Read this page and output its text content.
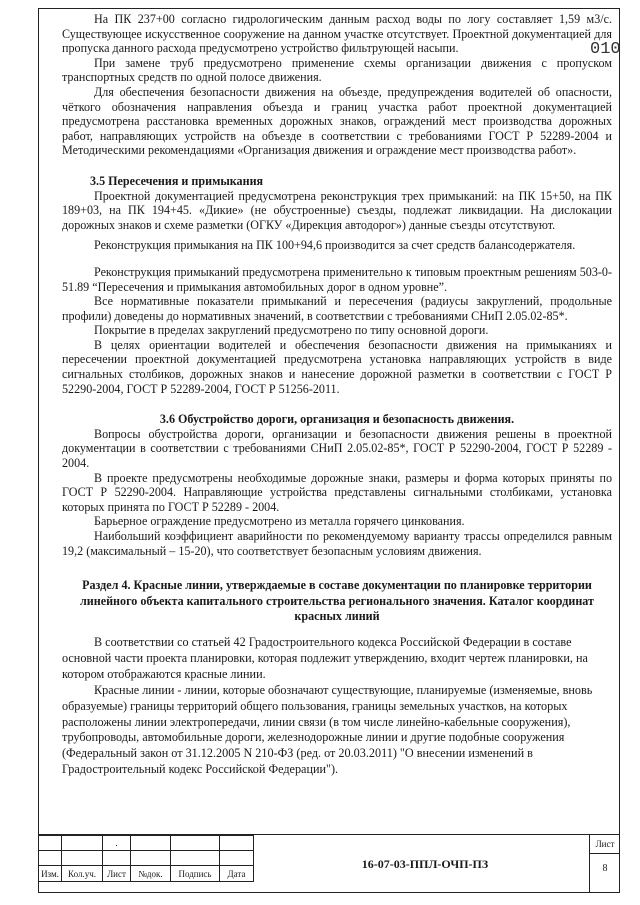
010

На ПК 237+00 согласно гидрологическим данным расход воды по логу составляет 1,59 м3/с. Существующее искусственное сооружение на данном участке отсутствует. Проектной документацией для пропуска данного расхода предусмотрено устройство фильтрующей насыпи.

При замене труб предусмотрено применение схемы организации движения с пропуском транспортных средств по одной полосе движения.

Для обеспечения безопасности движения на объезде, предупреждения водителей об опасности, чёткого обозначения направления объезда и границ участка работ проектной документацией предусмотрена расстановка временных дорожных знаков, ограждений мест производства дорожных работ, направляющих устройств на объезде в соответствии с требованиями ГОСТ Р 52289-2004 и Методическими рекомендациями «Организация движения и ограждение мест производства работ».

3.5 Пересечения и примыкания

Проектной документацией предусмотрена реконструкция трех примыканий: на ПК 15+50, на ПК 189+03, на ПК 194+45. «Дикие» (не обустроенные) съезды, подлежат ликвидации. На дислокации дорожных знаков и схеме разметки (ОГКУ «Дирекция автодорог») данные съезды отсутствуют.

Реконструкция примыкания на ПК 100+94,6 производится за счет средств балансодержателя.

Реконструкция примыканий предусмотрена применительно к типовым проектным решениям 503-0-51.89 “Пересечения и примыкания автомобильных дорог в одном уровне”.

Все нормативные показатели примыканий и пересечения (радиусы закруглений, продольные профили) доведены до нормативных значений, в соответствии с требованиями СНиП 2.05.02-85*.

Покрытие в пределах закруглений предусмотрено по типу основной дороги.

В целях ориентации водителей и обеспечения безопасности движения на примыканиях и пересечении проектной документацией предусмотрена установка направляющих устройств в виде сигнальных столбиков, дорожных знаков и нанесение дорожной разметки в соответствии с ГОСТ Р 52290-2004, ГОСТ Р 52289-2004, ГОСТ Р 51256-2011.

3.6 Обустройство дороги, организация и безопасность движения.

Вопросы обустройства дороги, организации и безопасности движения решены в проектной документации в соответствии с требованиями СНиП 2.05.02-85*, ГОСТ Р 52290-2004, ГОСТ Р 52289 - 2004.

В проекте предусмотрены необходимые дорожные знаки, размеры и форма которых приняты по ГОСТ Р 52290-2004. Направляющие устройства представлены сигнальными столбиками, установка которых принята по ГОСТ Р 52289 - 2004.

Барьерное ограждение предусмотрено из металла горячего цинкования.

Наибольший коэффициент аварийности по рекомендуемому варианту трассы определился равным 19,2 (максимальный – 15-20), что соответствует безопасным условиям движения.

Раздел 4. Красные линии, утверждаемые в составе документации по планировке территории линейного объекта капитального строительства регионального значения. Каталог координат красных линий

В соответствии со статьей 42 Градостроительного кодекса Российской Федерации в составе основной части проекта планировки, которая подлежит утверждению, входит чертеж планировки, на котором отображаются красные линии.

Красные линии - линии, которые обозначают существующие, планируемые (изменяемые, вновь образуемые) границы территорий общего пользования, границы земельных участков, на которых расположены линии электропередачи, линии связи (в том числе линейно-кабельные сооружения), трубопроводы, автомобильные дороги, железнодорожные линии и другие подобные сооружения (Федеральный закон от 31.12.2005 N 210-ФЗ (ред. от 20.03.2011) "О внесении изменений в Градостроительный кодекс Российской Федерации").

		.			

Изм.	Кол.уч.	Лист	№док.	Подпись	Дата
16-07-03-ППЛ-ОЧП-ПЗ
Лист
8
